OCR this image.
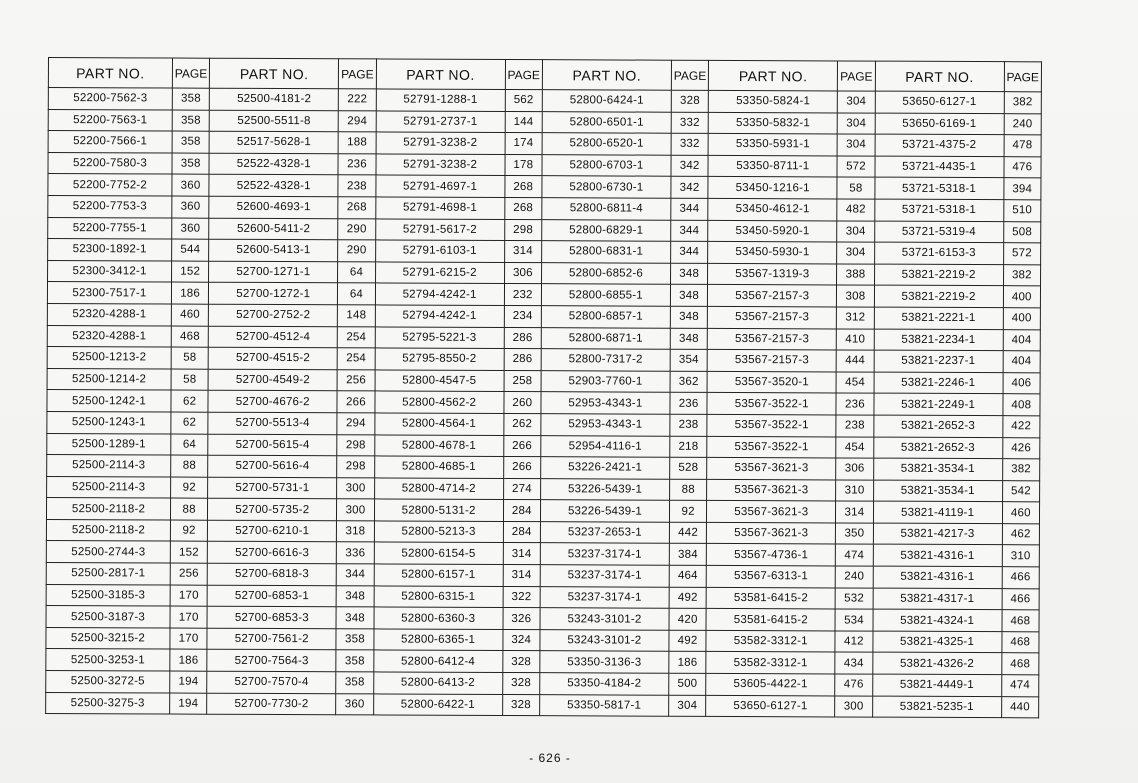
PART NO.	PAGE	PART NO.	PAGE	PART NO.	PAGE	PART NO.	PAGE	PART NO.	PAGE	PART NO.	PAGE
52200-7562-3	358	52500-4181-2	222	52791-1288-1	562	52800-6424-1	328	53350-5824-1	304	53650-6127-1	382
52200-7563-1	358	52500-5511-8	294	52791-2737-1	144	52800-6501-1	332	53350-5832-1	304	53650-6169-1	240
52200-7566-1	358	52517-5628-1	188	52791-3238-2	174	52800-6520-1	332	53350-5931-1	304	53721-4375-2	478
52200-7580-3	358	52522-4328-1	236	52791-3238-2	178	52800-6703-1	342	53350-8711-1	572	53721-4435-1	476
52200-7752-2	360	52522-4328-1	238	52791-4697-1	268	52800-6730-1	342	53450-1216-1	58	53721-5318-1	394
52200-7753-3	360	52600-4693-1	268	52791-4698-1	268	52800-6811-4	344	53450-4612-1	482	53721-5318-1	510
52200-7755-1	360	52600-5411-2	290	52791-5617-2	298	52800-6829-1	344	53450-5920-1	304	53721-5319-4	508
52300-1892-1	544	52600-5413-1	290	52791-6103-1	314	52800-6831-1	344	53450-5930-1	304	53721-6153-3	572
52300-3412-1	152	52700-1271-1	64	52791-6215-2	306	52800-6852-6	348	53567-1319-3	388	53821-2219-2	382
52300-7517-1	186	52700-1272-1	64	52794-4242-1	232	52800-6855-1	348	53567-2157-3	308	53821-2219-2	400
52320-4288-1	460	52700-2752-2	148	52794-4242-1	234	52800-6857-1	348	53567-2157-3	312	53821-2221-1	400
52320-4288-1	468	52700-4512-4	254	52795-5221-3	286	52800-6871-1	348	53567-2157-3	410	53821-2234-1	404
52500-1213-2	58	52700-4515-2	254	52795-8550-2	286	52800-7317-2	354	53567-2157-3	444	53821-2237-1	404
52500-1214-2	58	52700-4549-2	256	52800-4547-5	258	52903-7760-1	362	53567-3520-1	454	53821-2246-1	406
52500-1242-1	62	52700-4676-2	266	52800-4562-2	260	52953-4343-1	236	53567-3522-1	236	53821-2249-1	408
52500-1243-1	62	52700-5513-4	294	52800-4564-1	262	52953-4343-1	238	53567-3522-1	238	53821-2652-3	422
52500-1289-1	64	52700-5615-4	298	52800-4678-1	266	52954-4116-1	218	53567-3522-1	454	53821-2652-3	426
52500-2114-3	88	52700-5616-4	298	52800-4685-1	266	53226-2421-1	528	53567-3621-3	306	53821-3534-1	382
52500-2114-3	92	52700-5731-1	300	52800-4714-2	274	53226-5439-1	88	53567-3621-3	310	53821-3534-1	542
52500-2118-2	88	52700-5735-2	300	52800-5131-2	284	53226-5439-1	92	53567-3621-3	314	53821-4119-1	460
52500-2118-2	92	52700-6210-1	318	52800-5213-3	284	53237-2653-1	442	53567-3621-3	350	53821-4217-3	462
52500-2744-3	152	52700-6616-3	336	52800-6154-5	314	53237-3174-1	384	53567-4736-1	474	53821-4316-1	310
52500-2817-1	256	52700-6818-3	344	52800-6157-1	314	53237-3174-1	464	53567-6313-1	240	53821-4316-1	466
52500-3185-3	170	52700-6853-1	348	52800-6315-1	322	53237-3174-1	492	53581-6415-2	532	53821-4317-1	466
52500-3187-3	170	52700-6853-3	348	52800-6360-3	326	53243-3101-2	420	53581-6415-2	534	53821-4324-1	468
52500-3215-2	170	52700-7561-2	358	52800-6365-1	324	53243-3101-2	492	53582-3312-1	412	53821-4325-1	468
52500-3253-1	186	52700-7564-3	358	52800-6412-4	328	53350-3136-3	186	53582-3312-1	434	53821-4326-2	468
52500-3272-5	194	52700-7570-4	358	52800-6413-2	328	53350-4184-2	500	53605-4422-1	476	53821-4449-1	474
52500-3275-3	194	52700-7730-2	360	52800-6422-1	328	53350-5817-1	304	53650-6127-1	300	53821-5235-1	440
- 626 -
